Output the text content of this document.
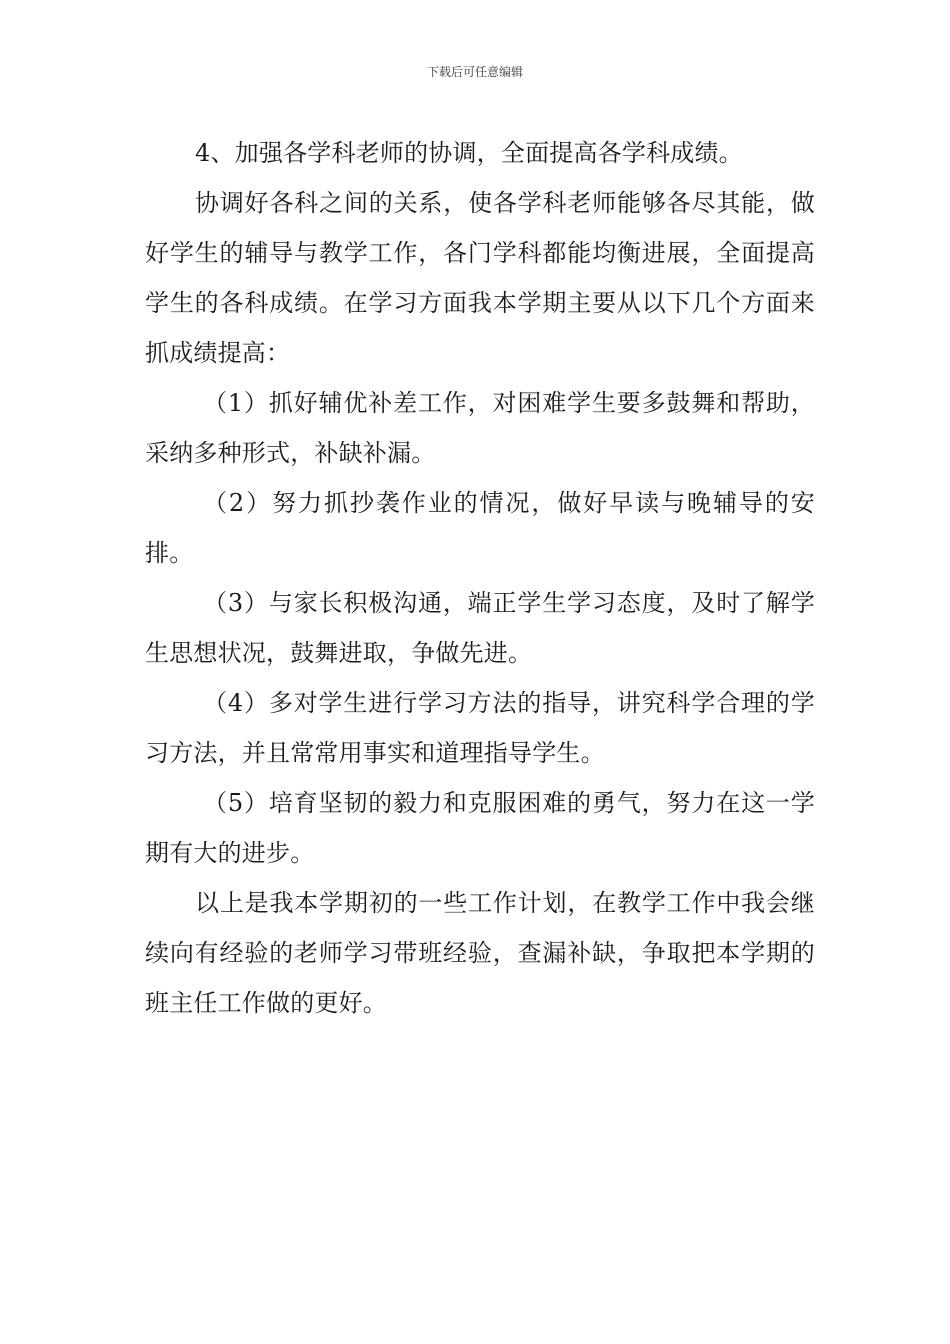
下载后可任意编辑

4、加强各学科老师的协调，全面提高各学科成绩。

协调好各科之间的关系，使各学科老师能够各尽其能，做好学生的辅导与教学工作，各门学科都能均衡进展，全面提高学生的各科成绩。在学习方面我本学期主要从以下几个方面来抓成绩提高：

（1）抓好辅优补差工作，对困难学生要多鼓舞和帮助，采纳多种形式，补缺补漏。

（2）努力抓抄袭作业的情况，做好早读与晚辅导的安排。

（3）与家长积极沟通，端正学生学习态度，及时了解学生思想状况，鼓舞进取，争做先进。

（4）多对学生进行学习方法的指导，讲究科学合理的学习方法，并且常常用事实和道理指导学生。

（5）培育坚韧的毅力和克服困难的勇气，努力在这一学期有大的进步。

以上是我本学期初的一些工作计划，在教学工作中我会继续向有经验的老师学习带班经验，查漏补缺，争取把本学期的班主任工作做的更好。
